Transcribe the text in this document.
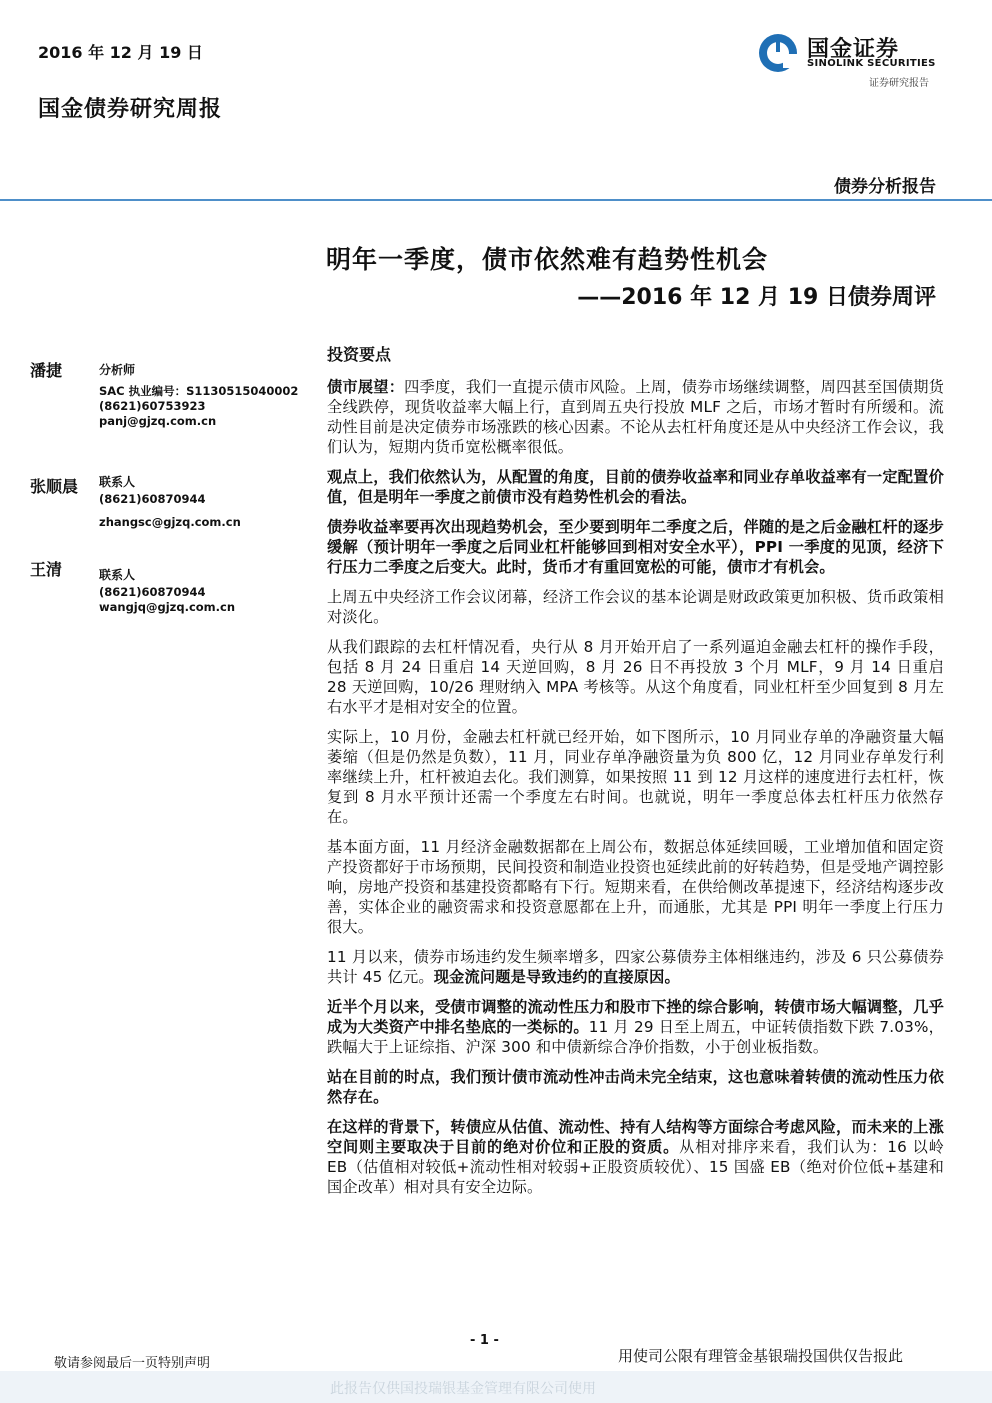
2016 年 12 月 19 日
国金债券研究周报
国金证券
SINOLINK SECURITIES
证券研究报告
债券分析报告
明年一季度，债市依然难有趋势性机会
——2016 年 12 月 19 日债券周评
潘捷	分析师
SAC 执业编号：S1130515040002
(8621)60753923
panj@gjzq.com.cn
张顺晨 联系人
(8621)60870944
zhangsc@gjzq.com.cn
王清	联系人
(8621)60870944
wangjq@gjzq.com.cn
投资要点

债市展望：四季度，我们一直提示债市风险。上周，债券市场继续调整，周四甚至国债期货全线跌停，现货收益率大幅上行，直到周五央行投放 MLF 之后，市场才暂时有所缓和。流动性目前是决定债券市场涨跌的核心因素。不论从去杠杆角度还是从中央经济工作会议，我们认为，短期内货币宽松概率很低。

观点上，我们依然认为，从配置的角度，目前的债券收益率和同业存单收益率有一定配置价值，但是明年一季度之前债市没有趋势性机会的看法。

债券收益率要再次出现趋势机会，至少要到明年二季度之后，伴随的是之后金融杠杆的逐步缓解（预计明年一季度之后同业杠杆能够回到相对安全水平），PPI 一季度的见顶，经济下行压力二季度之后变大。此时，货币才有重回宽松的可能，债市才有机会。

上周五中央经济工作会议闭幕，经济工作会议的基本论调是财政政策更加积极、货币政策相对淡化。

从我们跟踪的去杠杆情况看，央行从 8 月开始开启了一系列逼迫金融去杠杆的操作手段，包括 8 月 24 日重启 14 天逆回购，8 月 26 日不再投放 3 个月 MLF，9 月 14 日重启 28 天逆回购，10/26 理财纳入 MPA 考核等。从这个角度看，同业杠杆至少回复到 8 月左右水平才是相对安全的位置。

实际上，10 月份，金融去杠杆就已经开始，如下图所示，10 月同业存单的净融资量大幅萎缩（但是仍然是负数），11 月，同业存单净融资量为负 800 亿，12 月同业存单发行利率继续上升，杠杆被迫去化。我们测算，如果按照 11 到 12 月这样的速度进行去杠杆，恢复到 8 月水平预计还需一个季度左右时间。也就说，明年一季度总体去杠杆压力依然存在。

基本面方面，11 月经济金融数据都在上周公布，数据总体延续回暖，工业增加值和固定资产投资都好于市场预期，民间投资和制造业投资也延续此前的好转趋势，但是受地产调控影响，房地产投资和基建投资都略有下行。短期来看，在供给侧改革提速下，经济结构逐步改善，实体企业的融资需求和投资意愿都在上升，而通胀，尤其是 PPI 明年一季度上行压力很大。

11 月以来，债券市场违约发生频率增多，四家公募债券主体相继违约，涉及 6 只公募债券共计 45 亿元。现金流问题是导致违约的直接原因。

近半个月以来，受债市调整的流动性压力和股市下挫的综合影响，转债市场大幅调整，几乎成为大类资产中排名垫底的一类标的。11 月 29 日至上周五，中证转债指数下跌 7.03%，跌幅大于上证综指、沪深 300 和中债新综合净价指数，小于创业板指数。

站在目前的时点，我们预计债市流动性冲击尚未完全结束，这也意味着转债的流动性压力依然存在。

在这样的背景下，转债应从估值、流动性、持有人结构等方面综合考虑风险，而未来的上涨空间则主要取决于目前的绝对价位和正股的资质。从相对排序来看，我们认为：16 以岭 EB（估值相对较低+流动性相对较弱+正股资质较优）、15 国盛 EB（绝对价位低+基建和国企改革）相对具有安全边际。

- 1 -
敬请参阅最后一页特别声明	用使司公限有理管金基银瑞投国供仅告报此
此报告仅供国投瑞银基金管理有限公司使用
